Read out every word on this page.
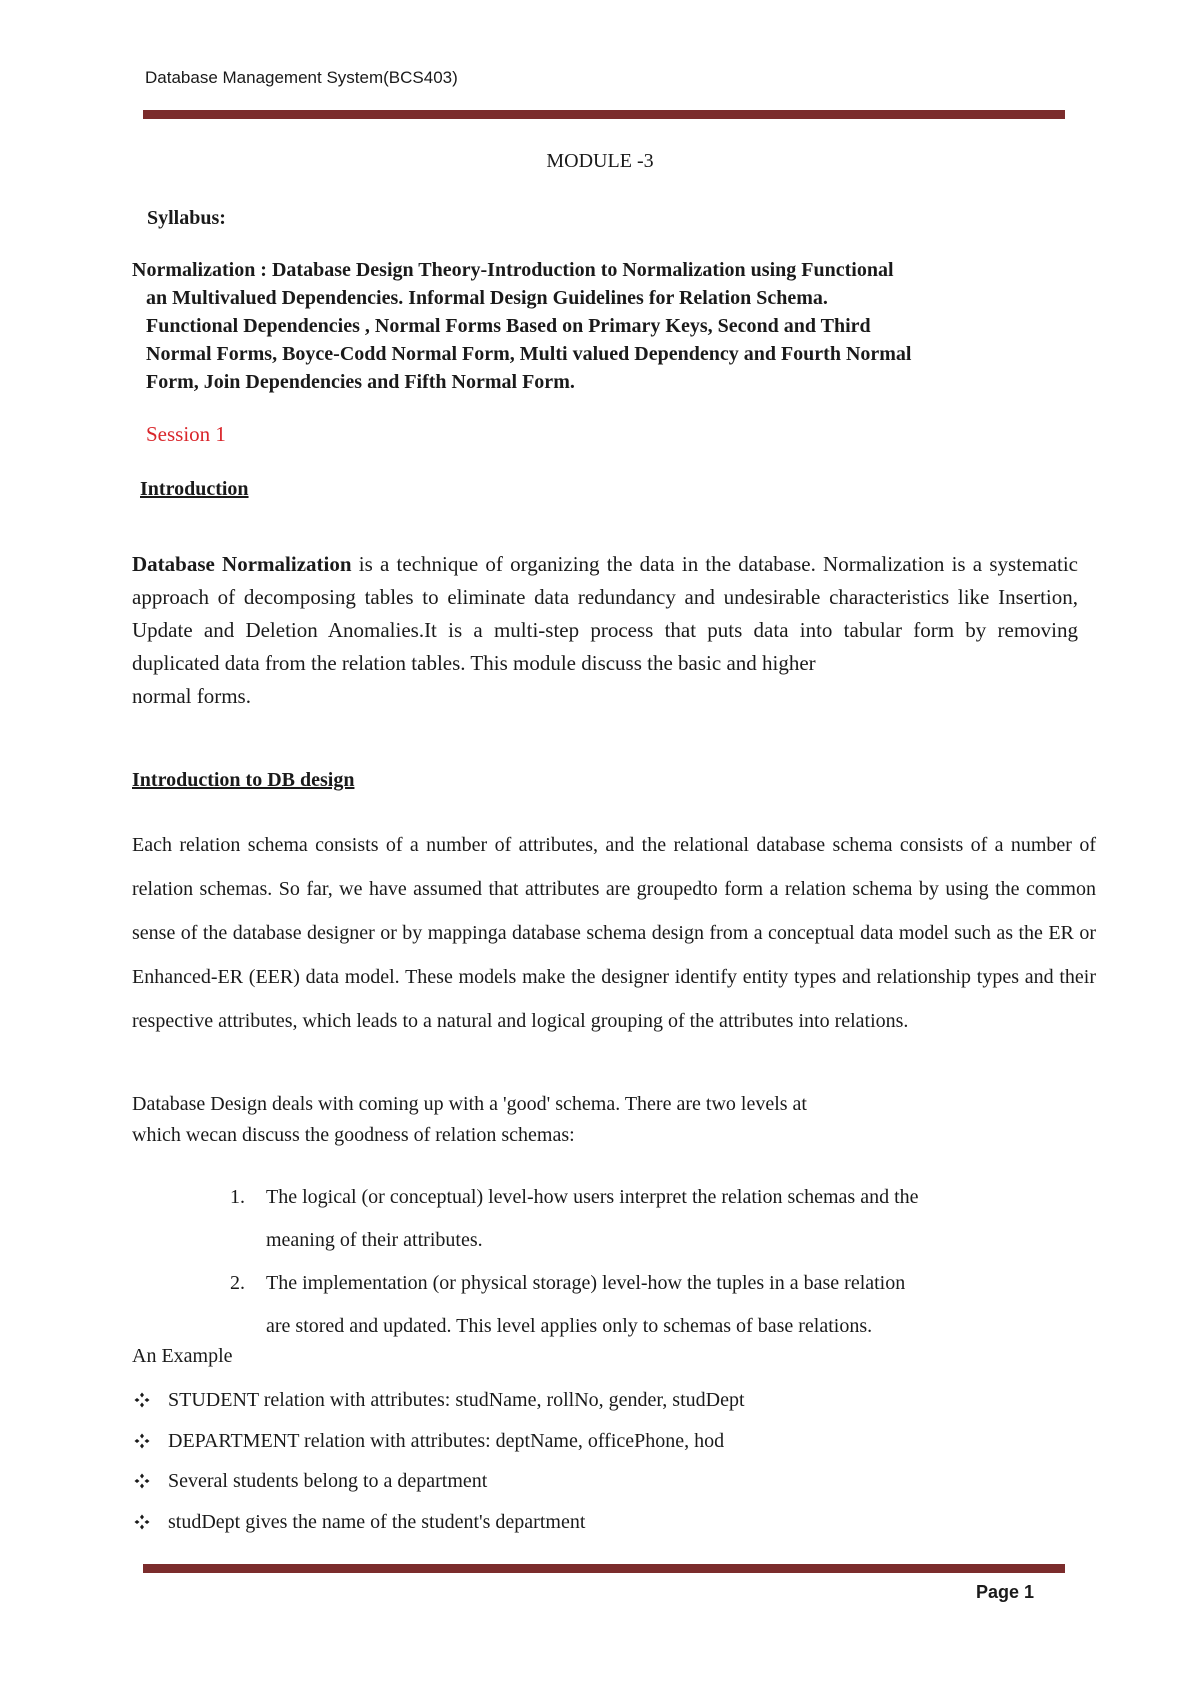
Database Management System(BCS403)
MODULE -3
Syllabus:
Normalization : Database Design Theory-Introduction to Normalization using Functional
an Multivalued Dependencies. Informal Design Guidelines for Relation Schema.
Functional Dependencies , Normal Forms Based on Primary Keys, Second and Third
Normal Forms, Boyce-Codd Normal Form, Multi valued Dependency and Fourth Normal
Form, Join Dependencies and Fifth Normal Form.
Session 1
Introduction
Database Normalization is a technique of organizing the data in the database. Normalization is a systematic approach of decomposing tables to eliminate data redundancy and undesirable characteristics like Insertion, Update and Deletion Anomalies.It is a multi-step process that puts data into tabular form by removing duplicated data from the relation tables. This module discuss the basic and higher
normal forms.
Introduction to DB design
Each relation schema consists of a number of attributes, and the relational database schema consists of a number of relation schemas. So far, we have assumed that attributes are groupedto form a relation schema by using the common sense of the database designer or by mappinga database schema design from a conceptual data model such as the ER or Enhanced-ER (EER) data model. These models make the designer identify entity types and relationship types and their respective attributes, which leads to a natural and logical grouping of the attributes into relations.
Database Design deals with coming up with a 'good' schema. There are two levels at
which wecan discuss the goodness of relation schemas:
1. The logical (or conceptual) level-how users interpret the relation schemas and the
meaning of their attributes.
2. The implementation (or physical storage) level-how the tuples in a base relation
are stored and updated. This level applies only to schemas of base relations.
An Example
STUDENT relation with attributes: studName, rollNo, gender, studDept
DEPARTMENT relation with attributes: deptName, officePhone, hod
Several students belong to a department
studDept gives the name of the student's department
Page 1
